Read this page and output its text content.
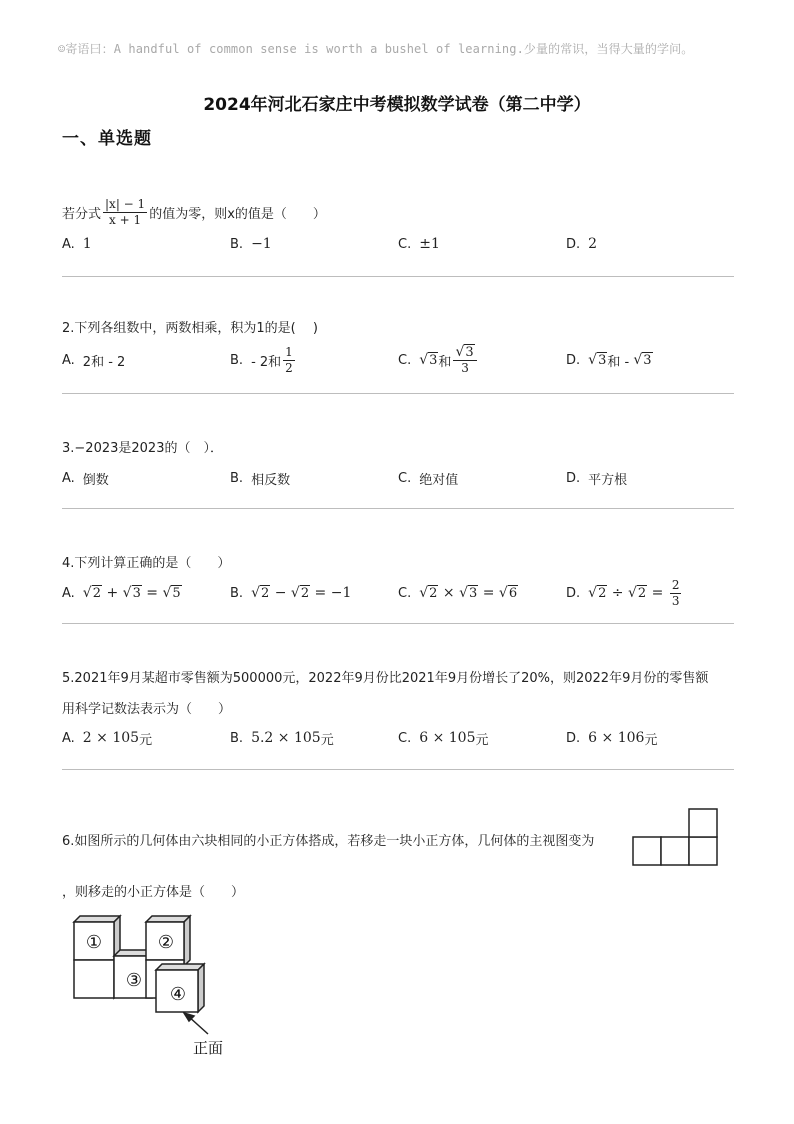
☺寄语曰：A handful of common sense is worth a bushel of learning.少量的常识，当得大量的学问。
2024年河北石家庄中考模拟数学试卷（第二中学）
一、单选题
若分式 $\frac{|x| - 1}{x + 1}$ 的值为零，则x的值是（　　）
A. 1	B. −1	C. ±1	D. 2
2.下列各组数中，两数相乘，积为1的是(　 )
A. 2和 - 2	B. - 2和 $\frac{1}{2}$	C. √ 3 和 $\frac{√ 3}{3}$	D. √ 3 和 - √ 3
3.−2023是2023的（　）．
A. 倒数	B. 相反数	C. 绝对值	D. 平方根
4.下列计算正确的是（　　）
A. √ 2 + √ 3 = √ 5	B. √ 2 − √ 2 = −1	C. √ 2 × √ 3 = √ 6	D. √ 2 ÷ √ $2 = \frac{2}{3}$
5.2021年9月某超市零售额为500000元，2022年9月份比2021年9月份增长了20%，则2022年9月份的零售额
用科学记数法表示为（　　）
A. 2 × 10 5 元	B. 5.2 × 10 5 元	C. 6 × 10 5 元	D. 6 × 10 6 元
6.如图所示的几何体由六块相同的小正方体搭成，若移走一块小正方体，几何体的主视图变为
，则移走的小正方体是（　　）
①	②
③
④
正面
